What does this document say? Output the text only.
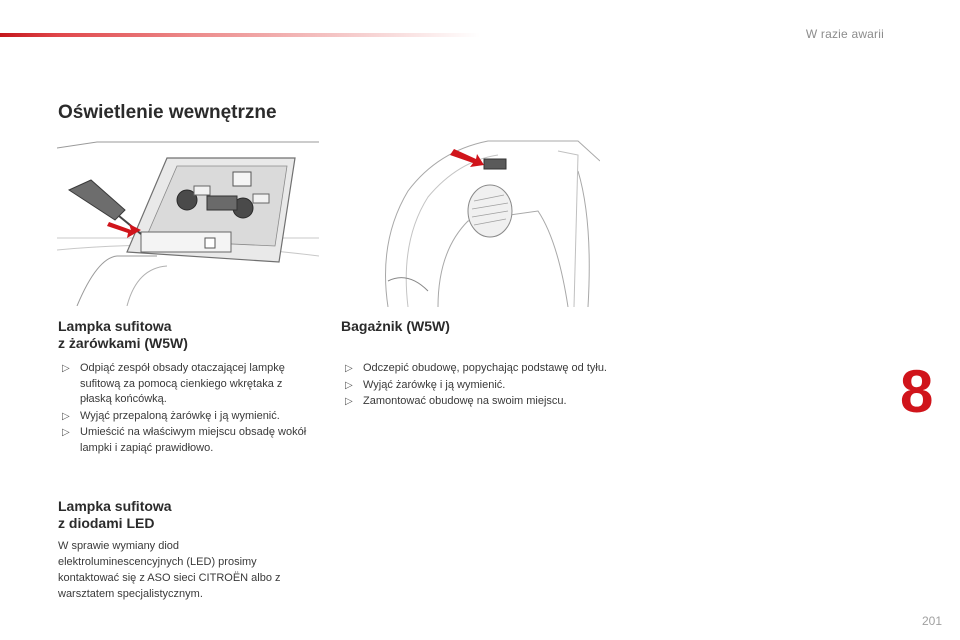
W razie awarii
8
Oświetlenie wewnętrzne
Lampka sufitowa
z żarówkami (W5W)
▷ Odpiąć zespół obsady otaczającej lampkę sufitową za pomocą cienkiego wkrętaka z płaską końcówką.
▷ Wyjąć przepaloną żarówkę i ją wymienić.
▷ Umieścić na właściwym miejscu obsadę wokół lampki i zapiąć prawidłowo.
Bagażnik (W5W)
▷ Odczepić obudowę, popychając podstawę od tyłu.
▷ Wyjąć żarówkę i ją wymienić.
▷ Zamontować obudowę na swoim miejscu.
Lampka sufitowa
z diodami LED

W sprawie wymiany diod elektroluminescencyjnych (LED) prosimy kontaktować się z ASO sieci CITROËN albo z warsztatem specjalistycznym.

201
